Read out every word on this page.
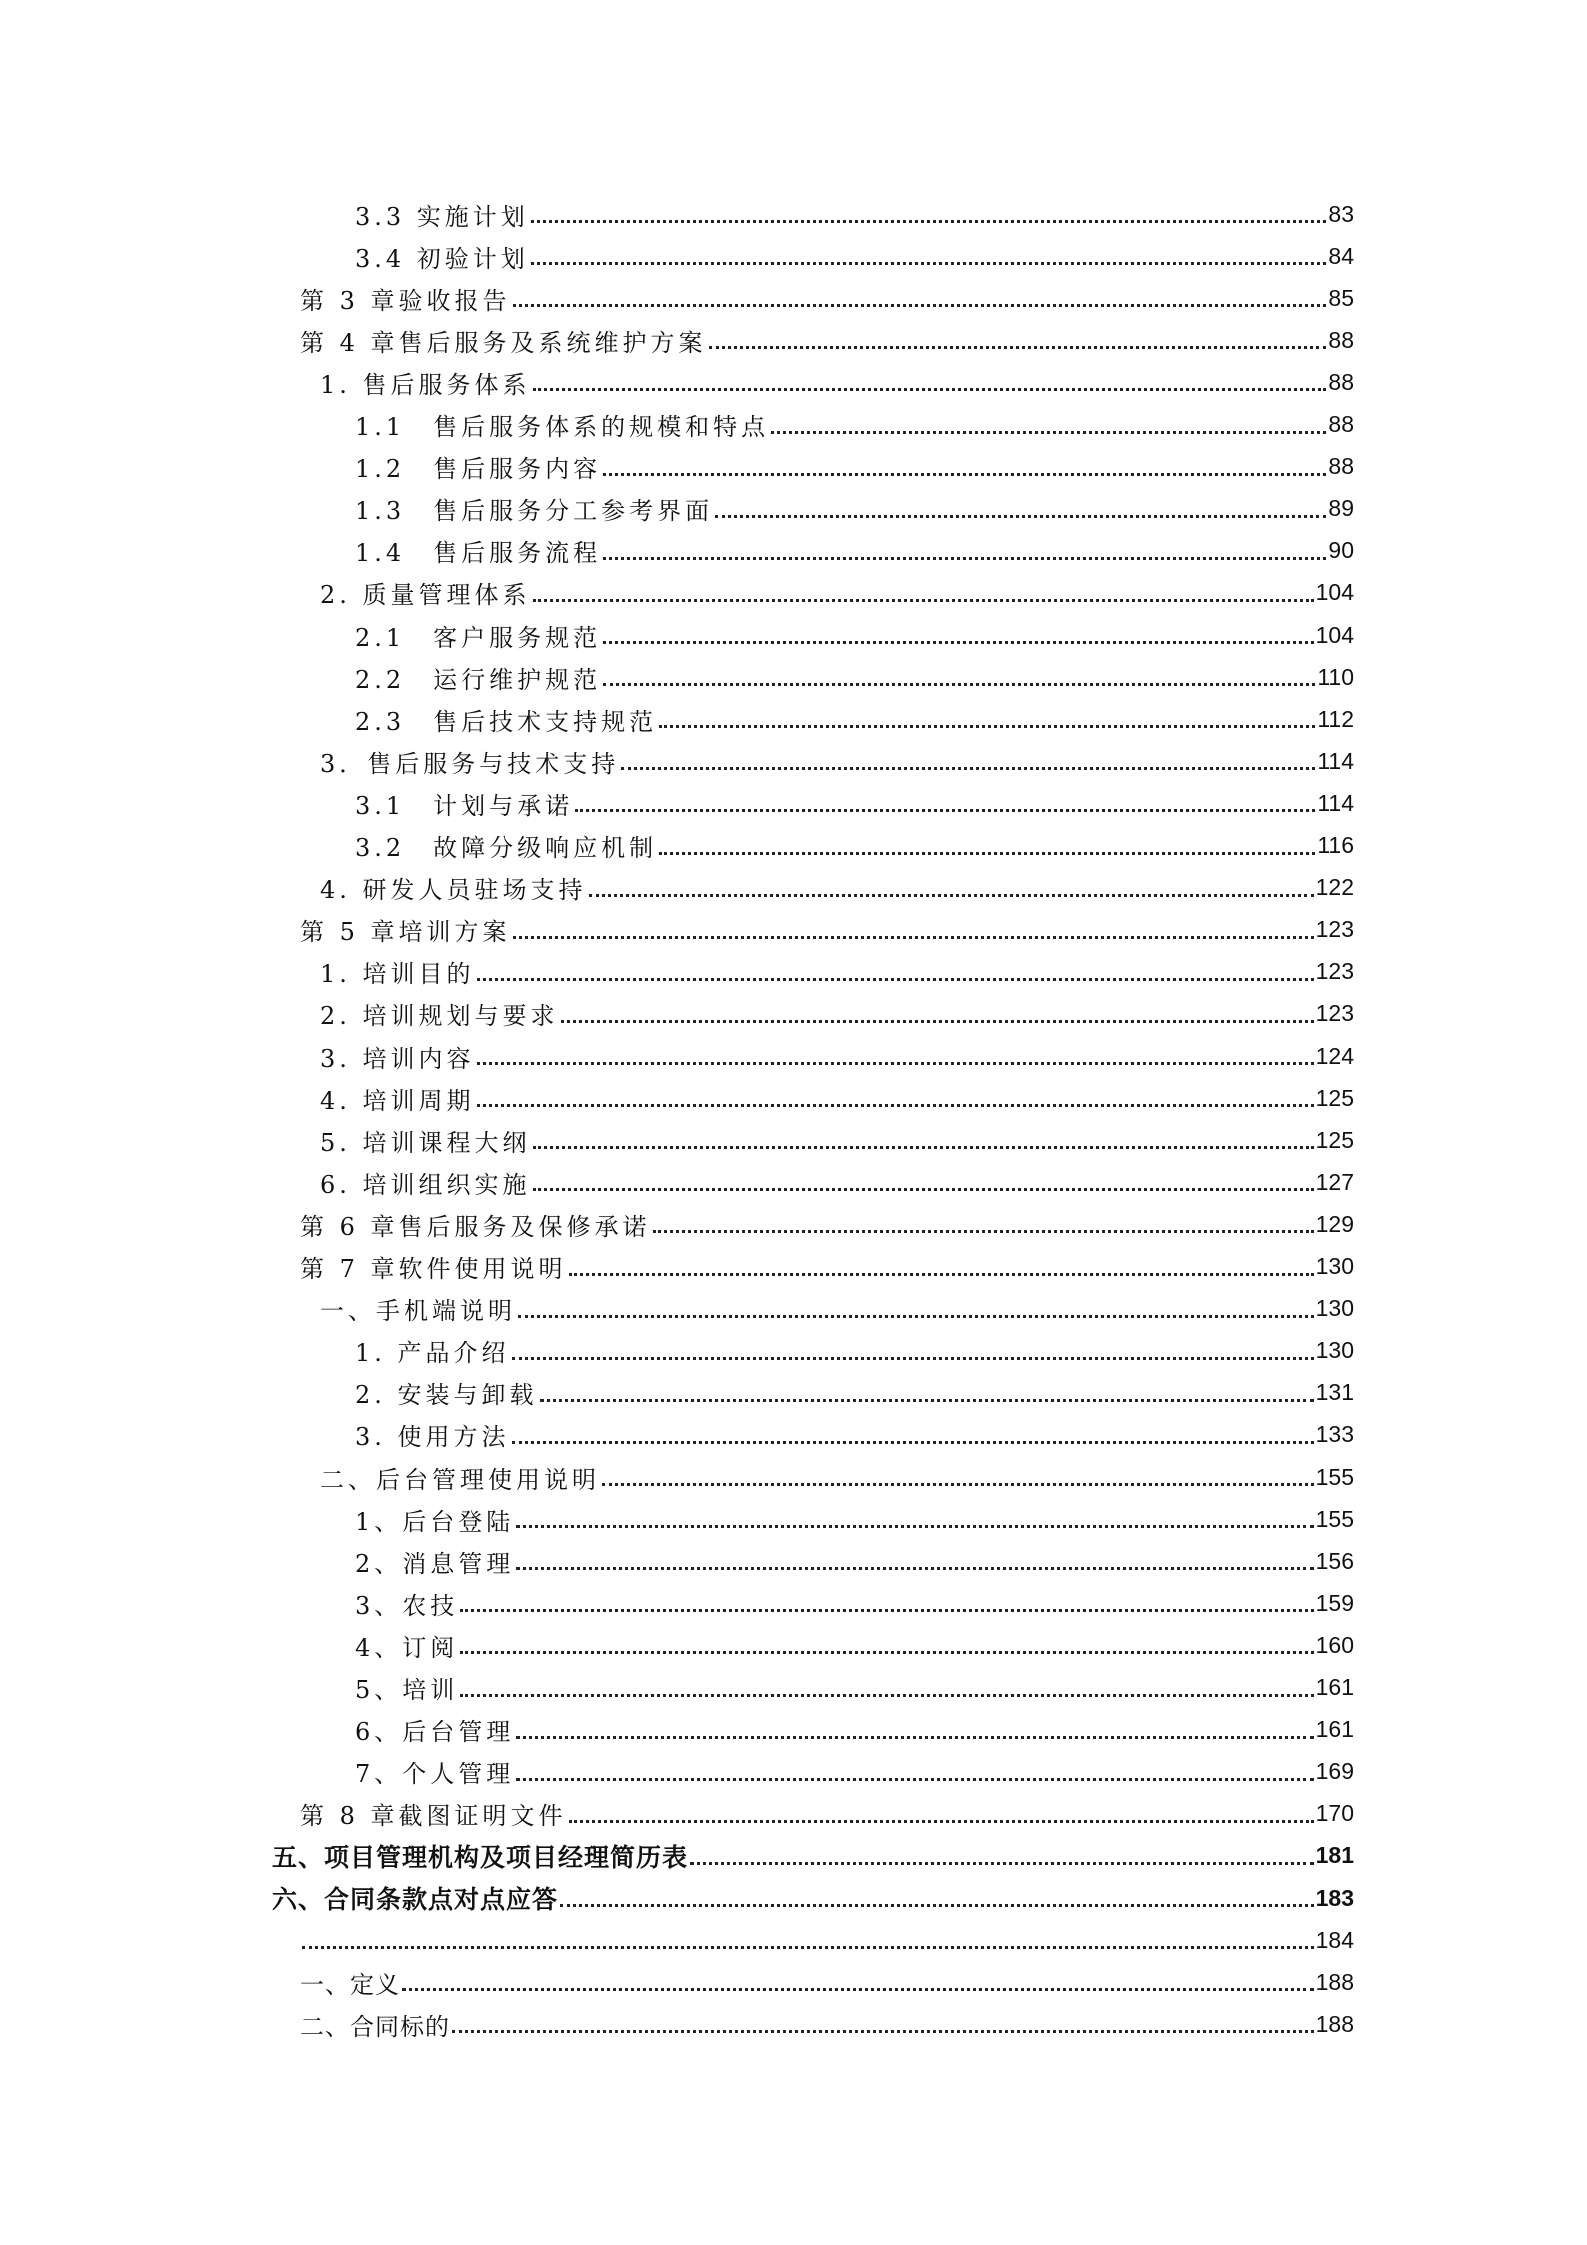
3.3 实施计划	83
3.4 初验计划	84
第 3 章验收报告	85
第 4 章售后服务及系统维护方案	88
1. 售后服务体系	88
1.1　售后服务体系的规模和特点	88
1.2　售后服务内容	88
1.3　售后服务分工参考界面	89
1.4　售后服务流程	90
2. 质量管理体系	104
2.1　客户服务规范	104
2.2　运行维护规范	110
2.3　售后技术支持规范	112
3．售后服务与技术支持	114
3.1　计划与承诺	114
3.2　故障分级响应机制	116
4. 研发人员驻场支持	122
第 5 章培训方案	123
1. 培训目的	123
2. 培训规划与要求	123
3. 培训内容	124
4. 培训周期	125
5. 培训课程大纲	125
6. 培训组织实施	127
第 6 章售后服务及保修承诺	129
第 7 章软件使用说明	130
一、手机端说明	130
1. 产品介绍	130
2. 安装与卸载	131
3. 使用方法	133
二、后台管理使用说明	155
1、后台登陆	155
2、消息管理	156
3、农技	159
4、订阅	160
5、培训	161
6、后台管理	161
7、个人管理	169
第 8 章截图证明文件	170
五、项目管理机构及项目经理简历表	181
六、合同条款点对点应答	183
184
一、定义	188
二、合同标的	188
